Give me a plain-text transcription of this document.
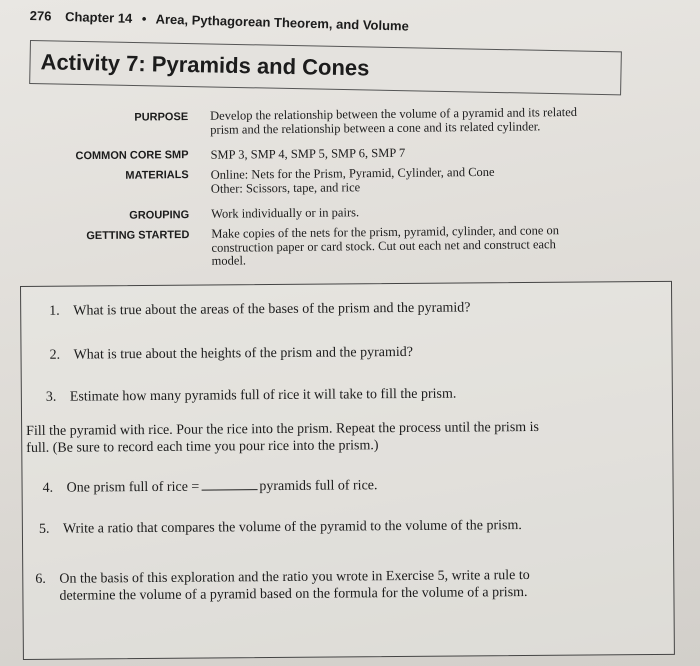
276 Chapter 14 • Area, Pythagorean Theorem, and Volume
Activity 7: Pyramids and Cones
PURPOSE Develop the relationship between the volume of a pyramid and its related
prism and the relationship between a cone and its related cylinder.
COMMON CORE SMP SMP 3, SMP 4, SMP 5, SMP 6, SMP 7
MATERIALS Online: Nets for the Prism, Pyramid, Cylinder, and Cone
Other: Scissors, tape, and rice
GROUPING Work individually or in pairs.
GETTING STARTED Make copies of the nets for the prism, pyramid, cylinder, and cone on
construction paper or card stock. Cut out each net and construct each
model.
1. What is true about the areas of the bases of the prism and the pyramid?
2. What is true about the heights of the prism and the pyramid?
3. Estimate how many pyramids full of rice it will take to fill the prism.
Fill the pyramid with rice. Pour the rice into the prism. Repeat the process until the prism is
full. (Be sure to record each time you pour rice into the prism.)
4. One prism full of rice =	pyramids full of rice.
5. Write a ratio that compares the volume of the pyramid to the volume of the prism.
6. On the basis of this exploration and the ratio you wrote in Exercise 5, write a rule to
determine the volume of a pyramid based on the formula for the volume of a prism.
